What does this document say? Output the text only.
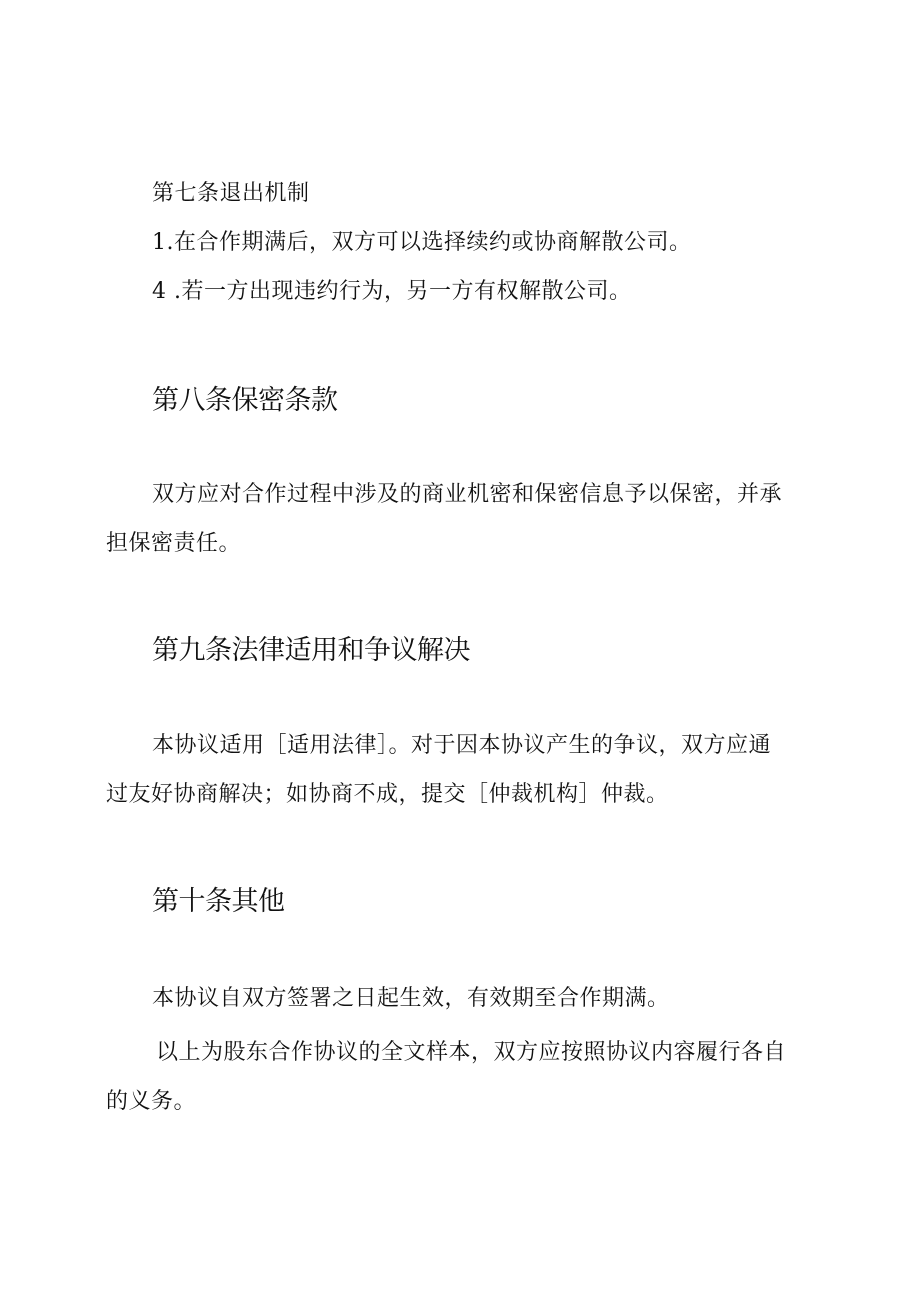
第七条退出机制
1.在合作期满后，双方可以选择续约或协商解散公司。
4 .若一方出现违约行为，另一方有权解散公司。
第八条保密条款
双方应对合作过程中涉及的商业机密和保密信息予以保密，并承
担保密责任。
第九条法律适用和争议解决
本协议适用［适用法律］。对于因本协议产生的争议，双方应通
过友好协商解决；如协商不成，提交［仲裁机构］仲裁。
第十条其他
本协议自双方签署之日起生效，有效期至合作期满。
以上为股东合作协议的全文样本，双方应按照协议内容履行各自
的义务。
